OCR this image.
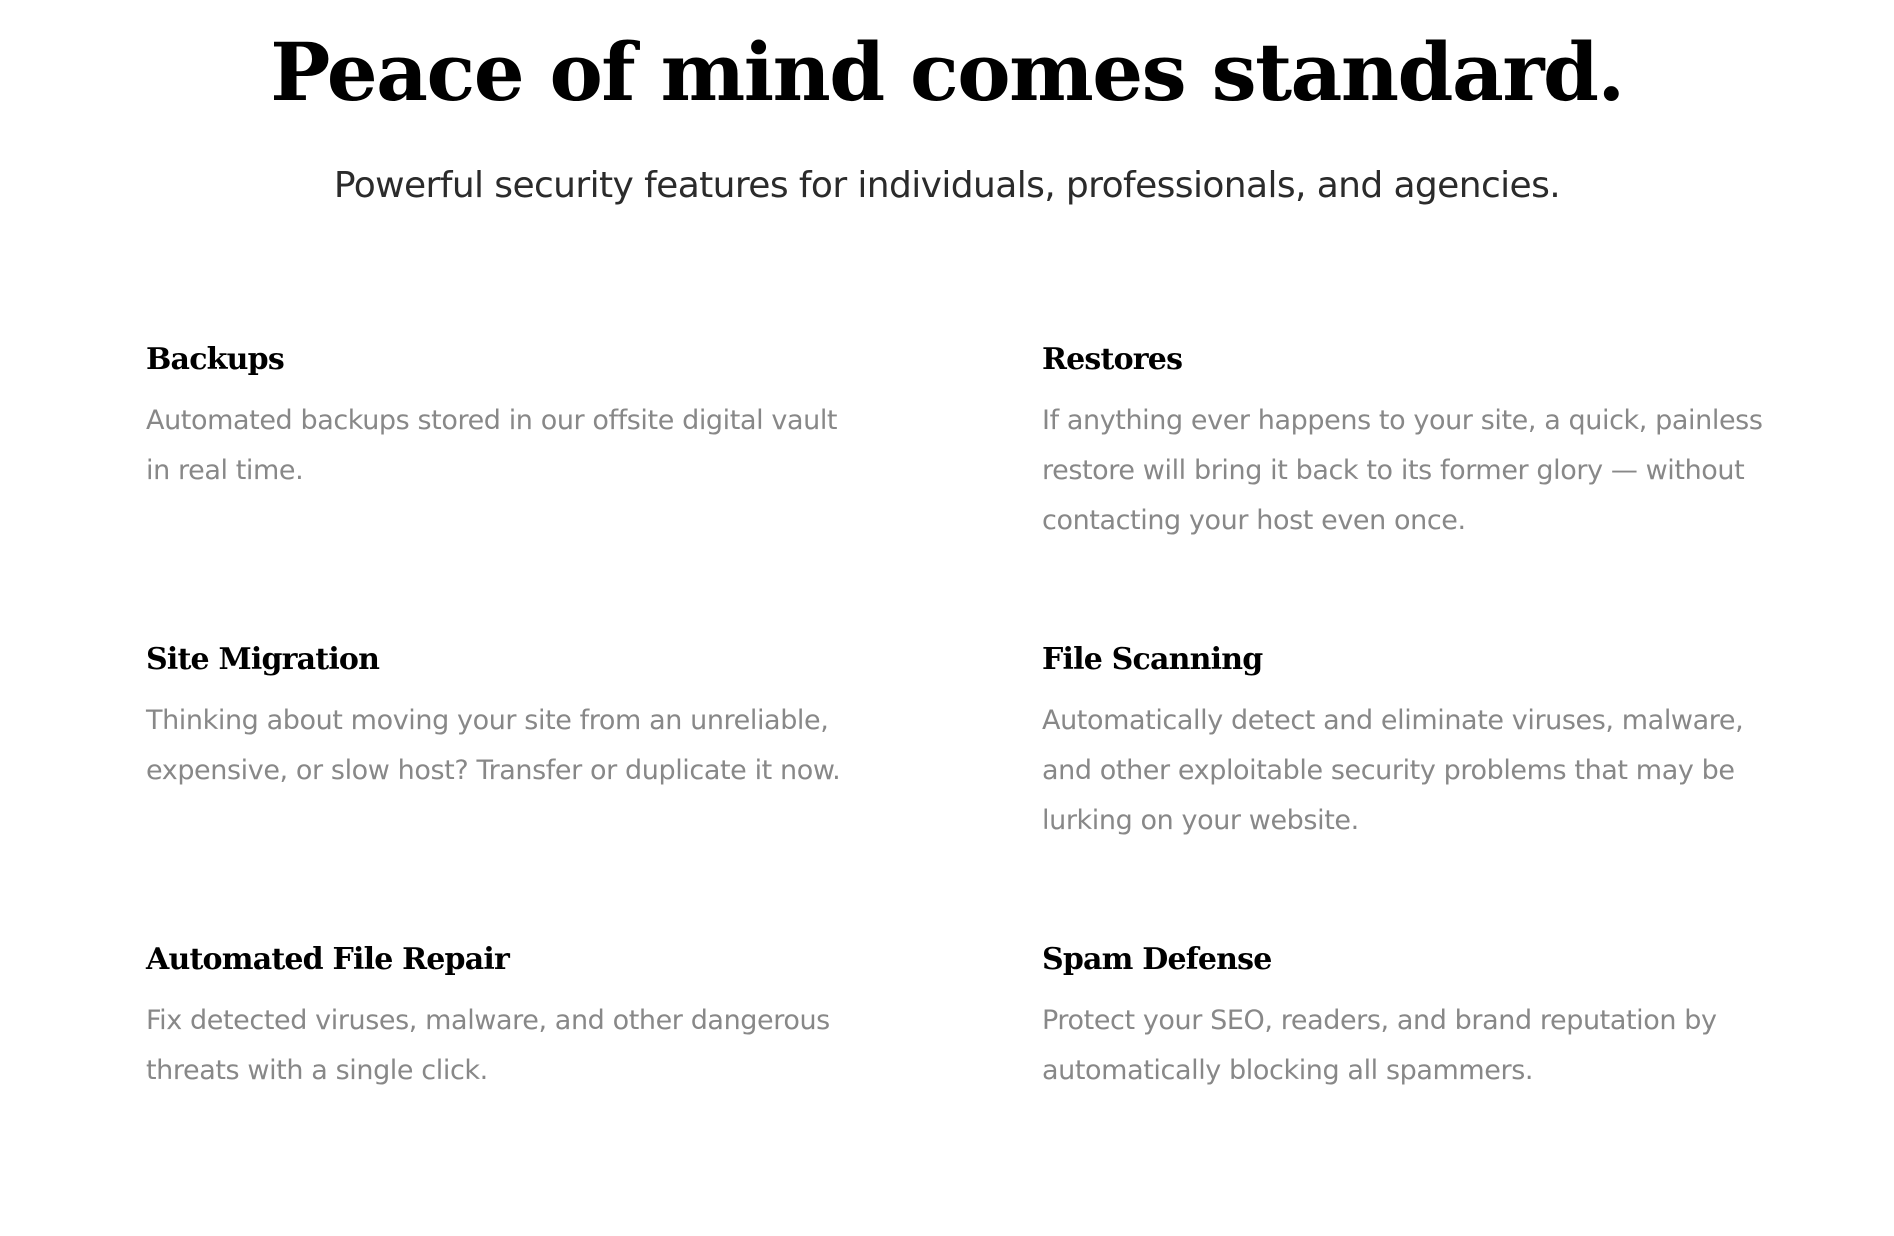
Peace of mind comes standard.

Powerful security features for individuals, professionals, and agencies.

Backups

Automated backups stored in our offsite digital vault in real time.

Restores

If anything ever happens to your site, a quick, painless restore will bring it back to its former glory — without contacting your host even once.

Site Migration

Thinking about moving your site from an unreliable, expensive, or slow host? Transfer or duplicate it now.

File Scanning

Automatically detect and eliminate viruses, malware, and other exploitable security problems that may be lurking on your website.

Automated File Repair

Fix detected viruses, malware, and other dangerous threats with a single click.

Spam Defense

Protect your SEO, readers, and brand reputation by automatically blocking all spammers.
